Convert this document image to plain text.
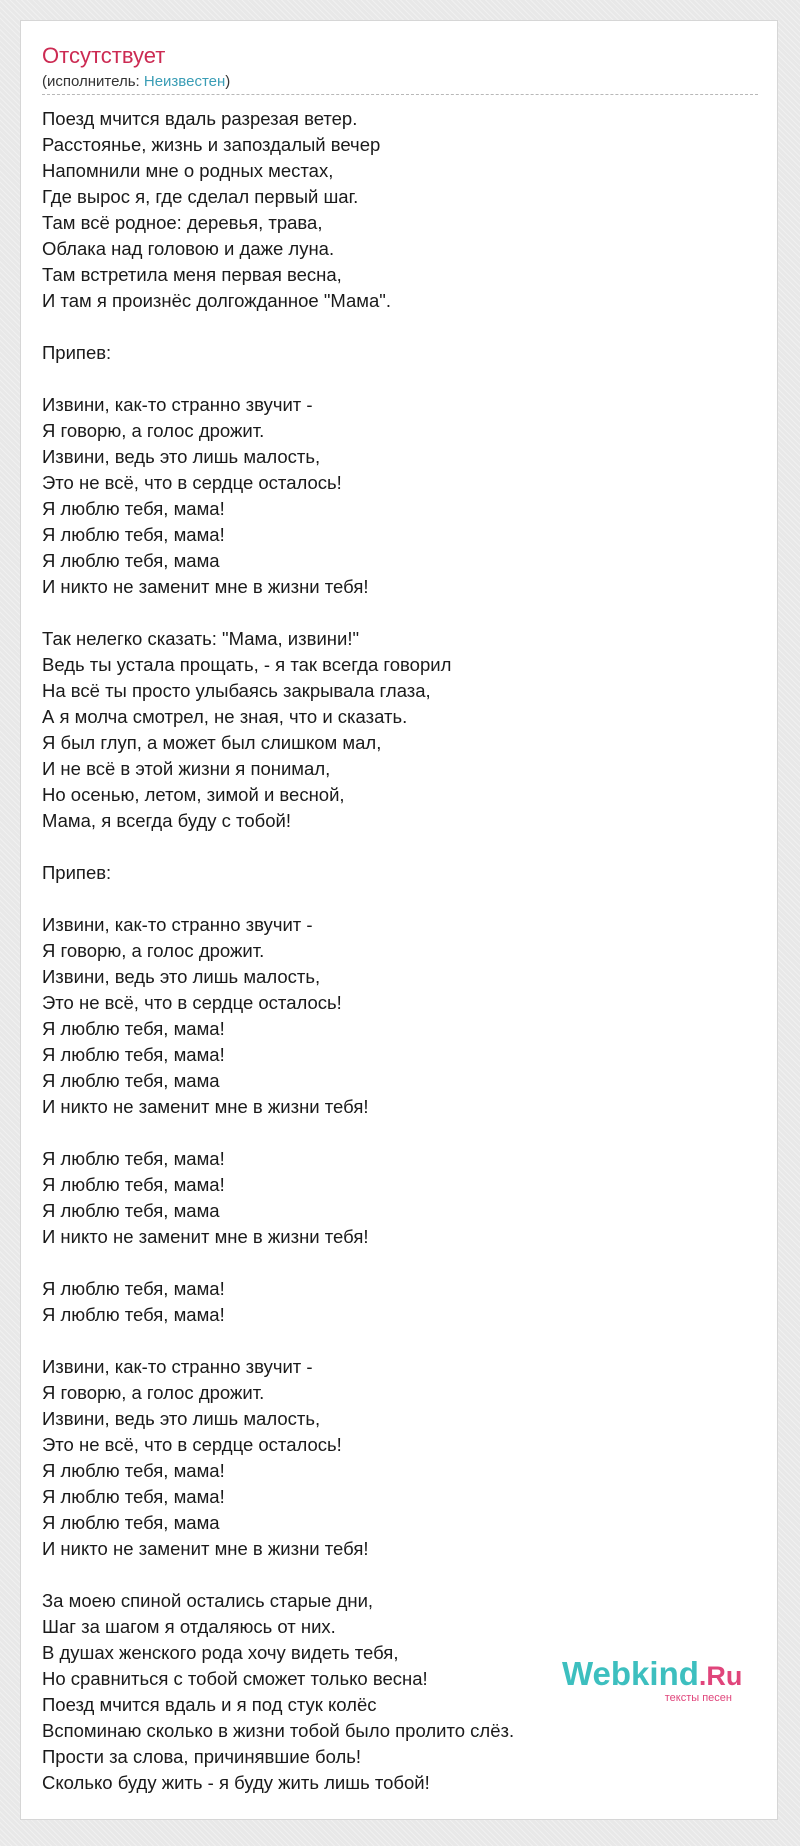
Отсутствует
(исполнитель: Неизвестен)
Поезд мчится вдаль разрезая ветер.
Расстоянье, жизнь и запоздалый вечер
Напомнили мне о родных местах,
Где вырос я, где сделал первый шаг.
Там всё родное: деревья, трава,
Облака над головою и даже луна.
Там встретила меня первая весна,
И там я произнёс долгожданное "Мама".
Припев:
Извини, как-то странно звучит -
Я говорю, а голос дрожит.
Извини, ведь это лишь малость,
Это не всё, что в сердце осталось!
Я люблю тебя, мама!
Я люблю тебя, мама!
Я люблю тебя, мама
И никто не заменит мне в жизни тебя!
Так нелегко сказать: "Мама, извини!"
Ведь ты устала прощать, - я так всегда говорил
На всё ты просто улыбаясь закрывала глаза,
А я молча смотрел, не зная, что и сказать.
Я был глуп, а может был слишком мал,
И не всё в этой жизни я понимал,
Но осенью, летом, зимой и весной,
Мама, я всегда буду с тобой!
Припев:
Извини, как-то странно звучит -
Я говорю, а голос дрожит.
Извини, ведь это лишь малость,
Это не всё, что в сердце осталось!
Я люблю тебя, мама!
Я люблю тебя, мама!
Я люблю тебя, мама
И никто не заменит мне в жизни тебя!
Я люблю тебя, мама!
Я люблю тебя, мама!
Я люблю тебя, мама
И никто не заменит мне в жизни тебя!
Я люблю тебя, мама!
Я люблю тебя, мама!
Извини, как-то странно звучит -
Я говорю, а голос дрожит.
Извини, ведь это лишь малость,
Это не всё, что в сердце осталось!
Я люблю тебя, мама!
Я люблю тебя, мама!
Я люблю тебя, мама
И никто не заменит мне в жизни тебя!
За моею спиной остались старые дни,
Шаг за шагом я отдаляюсь от них.
В душах женского рода хочу видеть тебя,
Но сравниться с тобой сможет только весна!
Поезд мчится вдаль и я под стук колёс
Вспоминаю сколько в жизни тобой было пролито слёз.
Прости за слова, причинявшие боль!
Сколько буду жить - я буду жить лишь тобой!
Webkind.Ru
тексты песен
